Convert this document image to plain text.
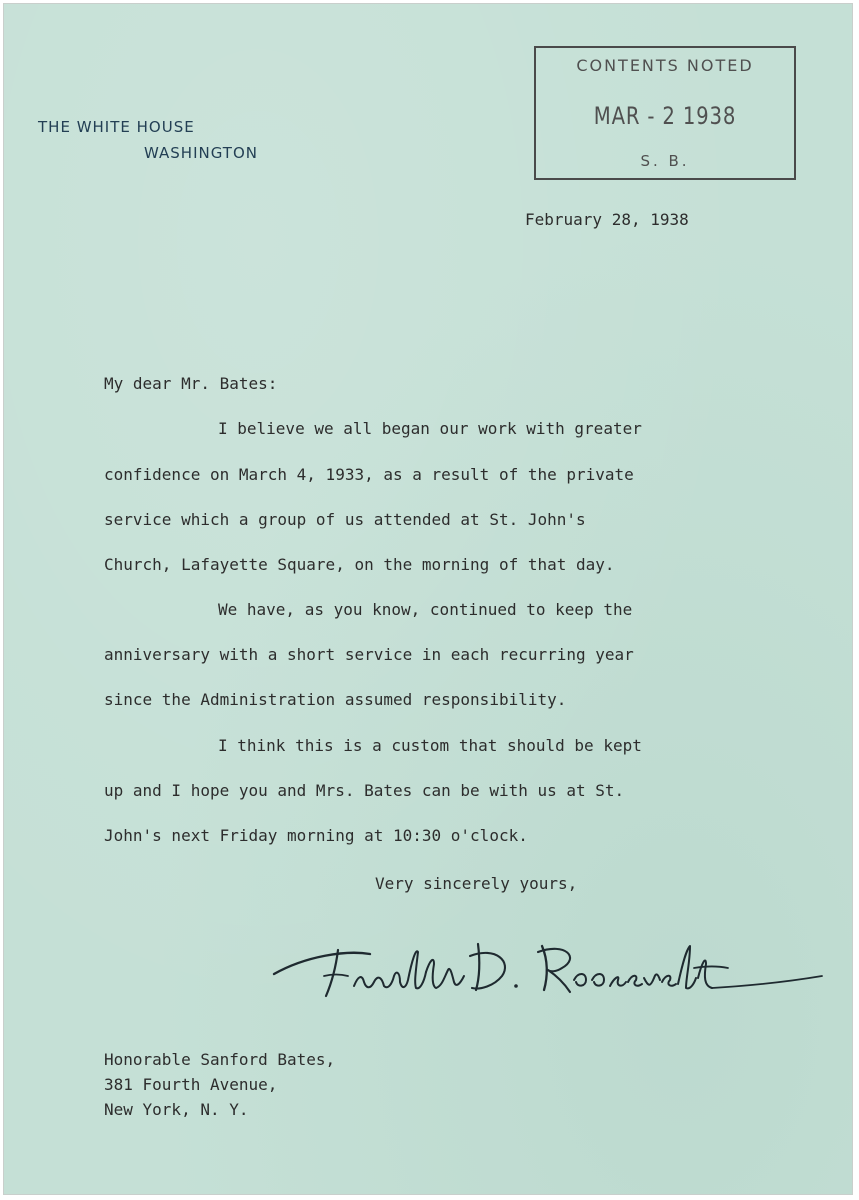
THE WHITE HOUSE
WASHINGTON
CONTENTS NOTED
MAR - 2 1938
S. B.
February 28, 1938
My dear Mr. Bates:
I believe we all began our work with greater
confidence on March 4, 1933, as a result of the private
service which a group of us attended at St. John's
Church, Lafayette Square, on the morning of that day.
We have, as you know, continued to keep the
anniversary with a short service in each recurring year
since the Administration assumed responsibility.
I think this is a custom that should be kept
up and I hope you and Mrs. Bates can be with us at St.
John's next Friday morning at 10:30 o'clock.
Very sincerely yours,
Honorable Sanford Bates,
381 Fourth Avenue,
New York, N. Y.
